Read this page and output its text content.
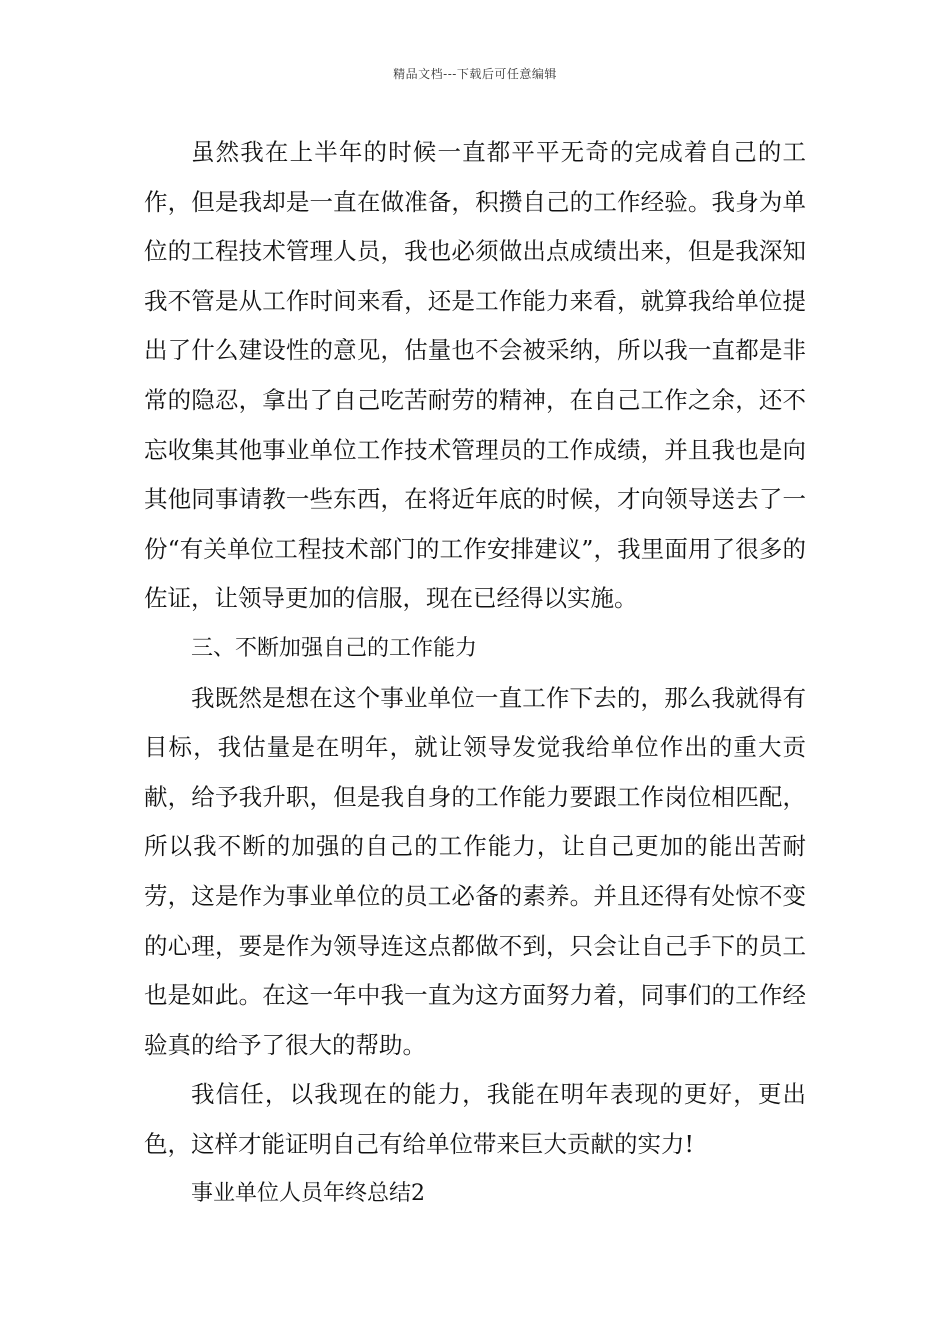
精品文档---下载后可任意编辑

虽然我在上半年的时候一直都平平无奇的完成着自己的工作，但是我却是一直在做准备，积攒自己的工作经验。我身为单位的工程技术管理人员，我也必须做出点成绩出来，但是我深知我不管是从工作时间来看，还是工作能力来看，就算我给单位提出了什么建设性的意见，估量也不会被采纳，所以我一直都是非常的隐忍，拿出了自己吃苦耐劳的精神，在自己工作之余，还不忘收集其他事业单位工作技术管理员的工作成绩，并且我也是向其他同事请教一些东西，在将近年底的时候，才向领导送去了一份“有关单位工程技术部门的工作安排建议”，我里面用了很多的佐证，让领导更加的信服，现在已经得以实施。

三、不断加强自己的工作能力

我既然是想在这个事业单位一直工作下去的，那么我就得有目标，我估量是在明年，就让领导发觉我给单位作出的重大贡献，给予我升职，但是我自身的工作能力要跟工作岗位相匹配，所以我不断的加强的自己的工作能力，让自己更加的能出苦耐劳，这是作为事业单位的员工必备的素养。并且还得有处惊不变的心理，要是作为领导连这点都做不到，只会让自己手下的员工也是如此。在这一年中我一直为这方面努力着，同事们的工作经验真的给予了很大的帮助。

我信任，以我现在的能力，我能在明年表现的更好，更出色，这样才能证明自己有给单位带来巨大贡献的实力!

事业单位人员年终总结2
